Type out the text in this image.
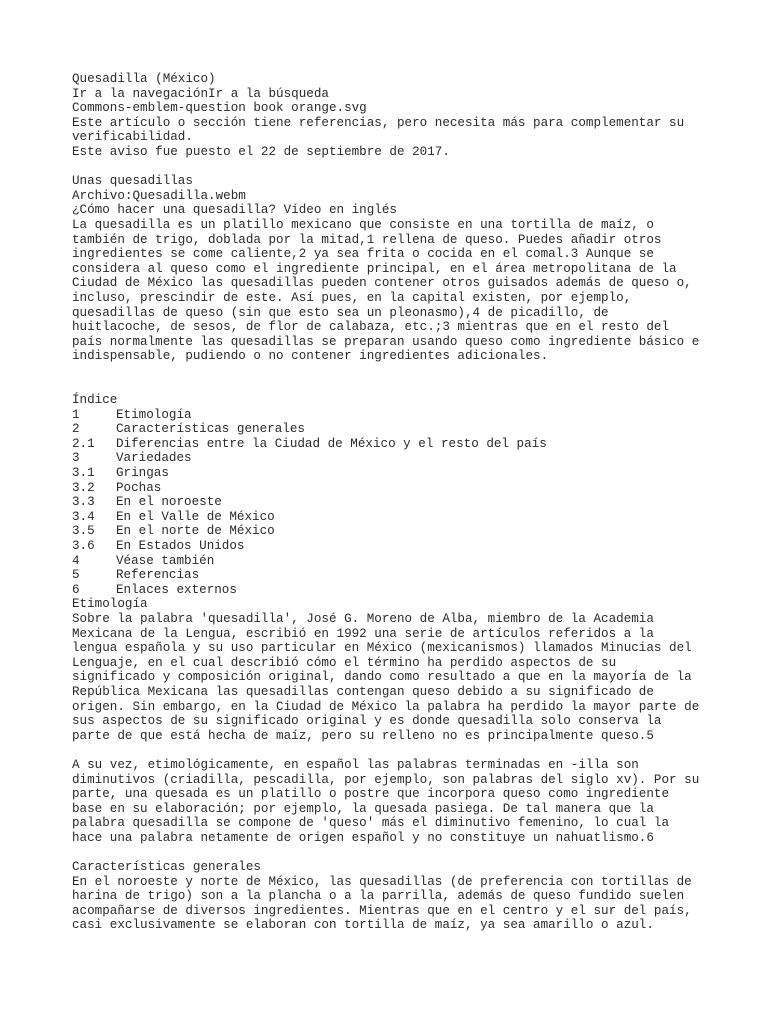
Quesadilla (México)
Ir a la navegaciónIr a la búsqueda
Commons-emblem-question book orange.svg
Este artículo o sección tiene referencias, pero necesita más para complementar su
verificabilidad.
Este aviso fue puesto el 22 de septiembre de 2017.
Unas quesadillas
Archivo:Quesadilla.webm
¿Cómo hacer una quesadilla? Vídeo en inglés
La quesadilla es un platillo mexicano que consiste en una tortilla de maíz, o
también de trigo, doblada por la mitad,1 rellena de queso. Puedes añadir otros
ingredientes se come caliente,2 ya sea frita o cocida en el comal.3 Aunque se
considera al queso como el ingrediente principal, en el área metropolitana de la
Ciudad de México las quesadillas pueden contener otros guisados además de queso o,
incluso, prescindir de este. Así pues, en la capital existen, por ejemplo,
quesadillas de queso (sin que esto sea un pleonasmo),4 de picadillo, de
huitlacoche, de sesos, de flor de calabaza, etc.;3 mientras que en el resto del
país normalmente las quesadillas se preparan usando queso como ingrediente básico e
indispensable, pudiendo o no contener ingredientes adicionales.
Índice
1	Etimología
2	Características generales
2.1 Diferencias entre la Ciudad de México y el resto del país
3	Variedades
3.1 Gringas
3.2 Pochas
3.3 En el noroeste
3.4 En el Valle de México
3.5 En el norte de México
3.6 En Estados Unidos
4	Véase también
5	Referencias
6	Enlaces externos
Etimología
Sobre la palabra 'quesadilla', José G. Moreno de Alba, miembro de la Academia
Mexicana de la Lengua, escribió en 1992 una serie de artículos referidos a la
lengua española y su uso particular en México (mexicanismos) llamados Minucias del
Lenguaje, en el cual describió cómo el término ha perdido aspectos de su
significado y composición original, dando como resultado a que en la mayoría de la
República Mexicana las quesadillas contengan queso debido a su significado de
origen. Sin embargo, en la Ciudad de México la palabra ha perdido la mayor parte de
sus aspectos de su significado original y es donde quesadilla solo conserva la
parte de que está hecha de maíz, pero su relleno no es principalmente queso.5
A su vez, etimológicamente, en español las palabras terminadas en -illa son
diminutivos (criadilla, pescadilla, por ejemplo, son palabras del siglo xv). Por su
parte, una quesada es un platillo o postre que incorpora queso como ingrediente
base en su elaboración; por ejemplo, la quesada pasiega. De tal manera que la
palabra quesadilla se compone de 'queso' más el diminutivo femenino, lo cual la
hace una palabra netamente de origen español y no constituye un nahuatlismo.6
Características generales
En el noroeste y norte de México, las quesadillas (de preferencia con tortillas de
harina de trigo) son a la plancha o a la parrilla, además de queso fundido suelen
acompañarse de diversos ingredientes. Mientras que en el centro y el sur del país,
casi exclusivamente se elaboran con tortilla de maíz, ya sea amarillo o azul.
